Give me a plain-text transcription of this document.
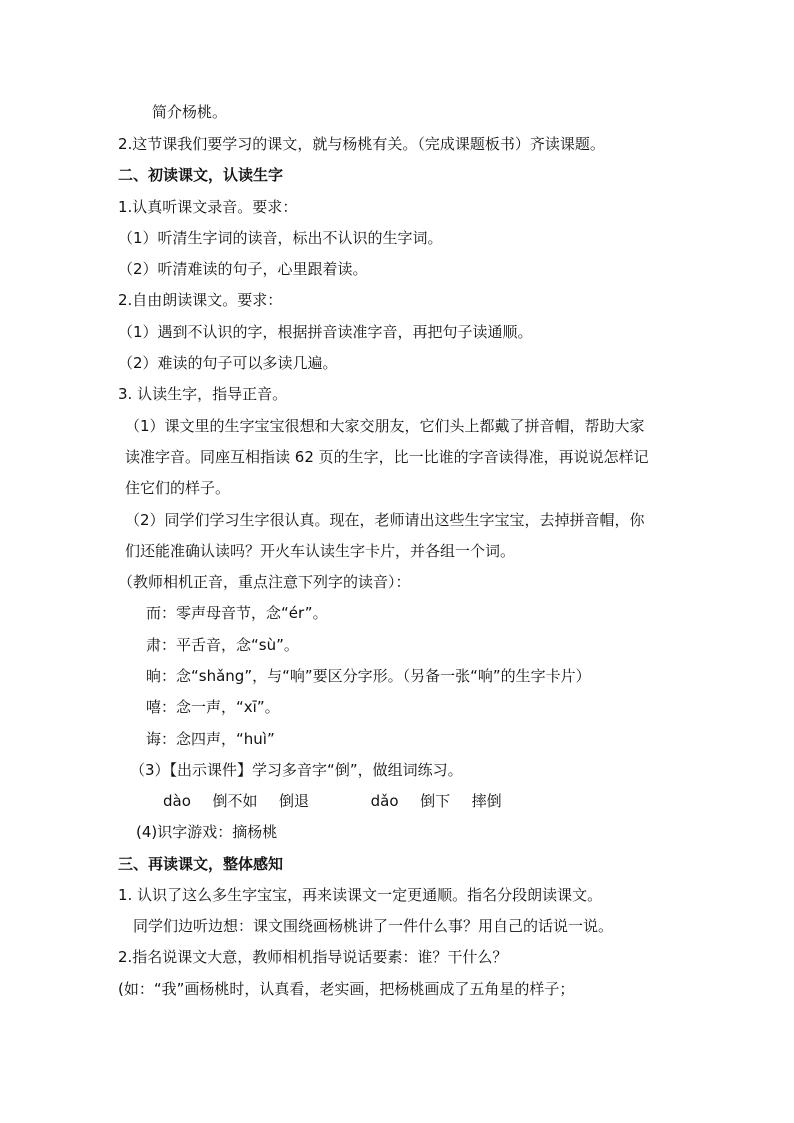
简介杨桃。
2.这节课我们要学习的课文，就与杨桃有关。（完成课题板书）齐读课题。
二、初读课文，认读生字
1.认真听课文录音。要求：
（1）听清生字词的读音，标出不认识的生字词。
（2）听清难读的句子，心里跟着读。
2.自由朗读课文。要求：
（1）遇到不认识的字，根据拼音读准字音，再把句子读通顺。
（2）难读的句子可以多读几遍。
3. 认读生字，指导正音。
（1）课文里的生字宝宝很想和大家交朋友，它们头上都戴了拼音帽，帮助大家
读准字音。同座互相指读 62 页的生字，比一比谁的字音读得准，再说说怎样记
住它们的样子。
（2）同学们学习生字很认真。现在，老师请出这些生字宝宝，去掉拼音帽，你
们还能准确认读吗？开火车认读生字卡片，并各组一个词。
（教师相机正音，重点注意下列字的读音）：
而：零声母音节，念“ér”。
肃：平舌音，念“sù”。
晌：念“shǎng”，与“响”要区分字形。（另备一张“响”的生字卡片）
嘻：念一声，“xī”。
诲：念四声，“huì”
（3）【出示课件】学习多音字“倒”，做组词练习。
dào 倒不如 倒退	dǎo 倒下 摔倒
(4)识字游戏：摘杨桃
三、再读课文，整体感知
1. 认识了这么多生字宝宝，再来读课文一定更通顺。指名分段朗读课文。
同学们边听边想：课文围绕画杨桃讲了一件什么事？用自己的话说一说。
2.指名说课文大意，教师相机指导说话要素：谁？干什么？
(如：“我”画杨桃时，认真看，老实画，把杨桃画成了五角星的样子；
